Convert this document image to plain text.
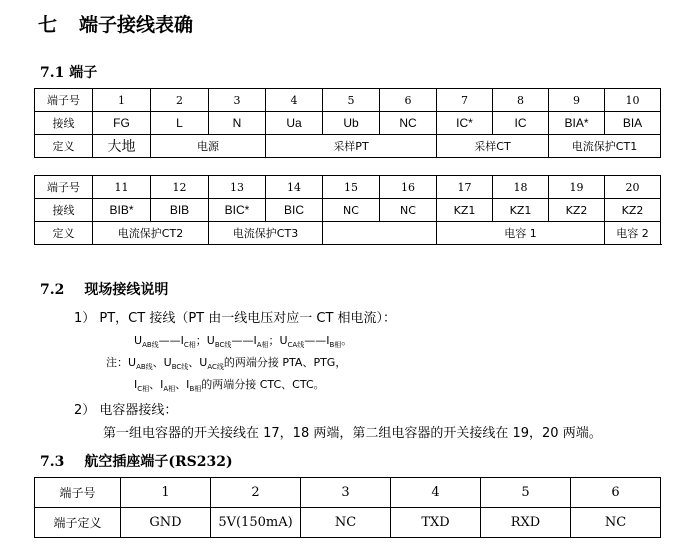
七 端子接线表确
7.1 端子
端子号	1	2	3	4	5	6	7	8	9	10
接线	FG	L	N	Ua	Ub	NC	IC*	IC	BIA*	BIA
定义	大地	电源		采样PT			采样CT		电流保护CT1	
端子号	11	12	13	14	15	16	17	18	19	20
接线	BIB*	BIB	BIC*	BIC	NC	NC	KZ1	KZ1	KZ2	KZ2
定义	电流保护CT2		电流保护CT3				电容 1			电容 2
7.2 现场接线说明
1） PT，CT 接线（PT 由一线电压对应一 CT 相电流）：
$U_{AB线}——I_{C相}$；$U_{BC线}——I_{A相}$；$U_{CA线}——I_{B相}$。
注：$U_{AB线}$、$U_{BC线}$、$U_{AC线}$的两端分接 PTA、PTG，
$I_{C相}$、$I_{A相}$、$I_{B相}$的两端分接 CTC、CTC。
2） 电容器接线：
第一组电容器的开关接线在 17，18 两端，第二组电容器的开关接线在 19，20 两端。
7.3 航空插座端子(RS232)
端子号	1	2	3	4	5	6
端子定义	GND	5V(150mA)	NC	TXD	RXD	NC
